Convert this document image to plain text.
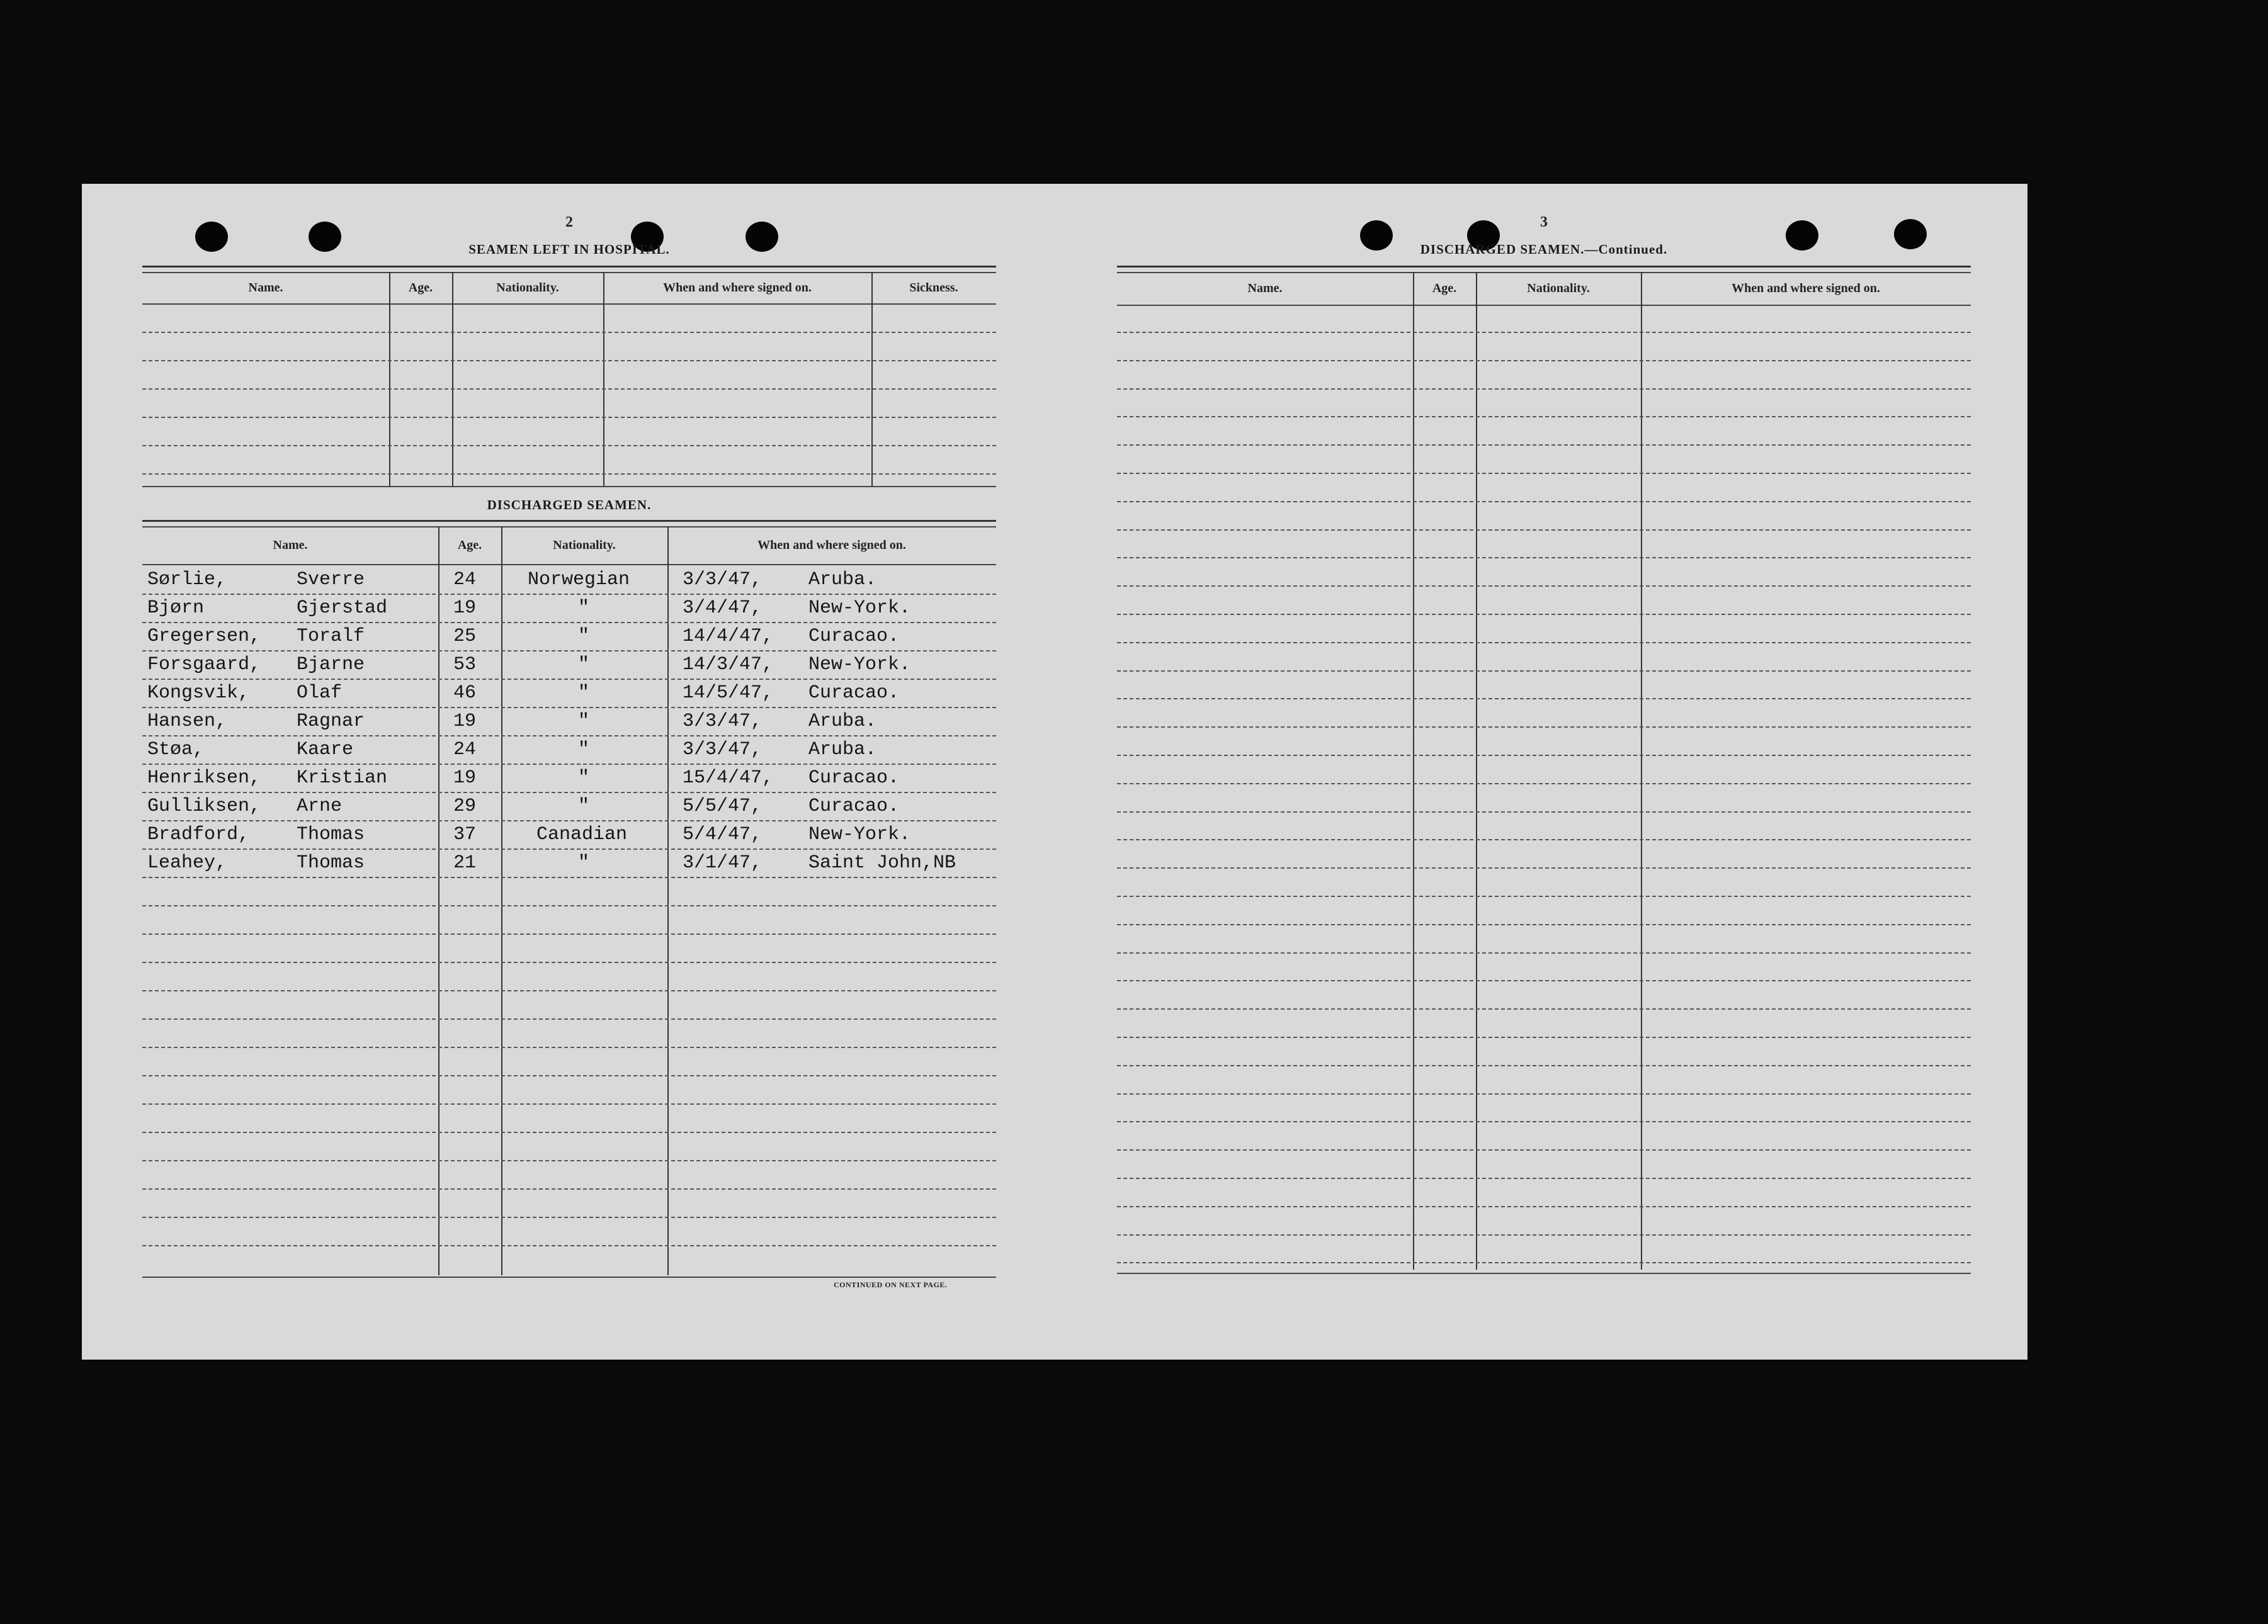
2
SEAMEN LEFT IN HOSPITAL.
Name.	Age.	Nationality.	When and where signed on.	Sickness.
DISCHARGED SEAMEN.
Name.	Age.	Nationality.	When and where signed on.
Sørlie,	Sverre	24	Norwegian	3/3/47, Aruba.
Bjørn	Gjerstad	19	"	3/4/47, New-York.
Gregersen, Toralf	25	"	14/4/47, Curacao.
Forsgaard, Bjarne	53	"	14/3/47, New-York.
Kongsvik, Olaf	46	"	14/5/47, Curacao.
Hansen,	Ragnar	19	"	3/3/47, Aruba.
Støa,	Kaare	24	"	3/3/47, Aruba.
Henriksen, Kristian	19	"	15/4/47, Curacao.
Gulliksen, Arne	29	"	5/5/47, Curacao.
Bradford, Thomas	37	Canadian	5/4/47, New-York.
Leahey,	Thomas	21	"	3/1/47, Saint John,NB
CONTINUED ON NEXT PAGE.
3
DISCHARGED SEAMEN.—Continued.
Name.	Age.	Nationality.	When and where signed on.
